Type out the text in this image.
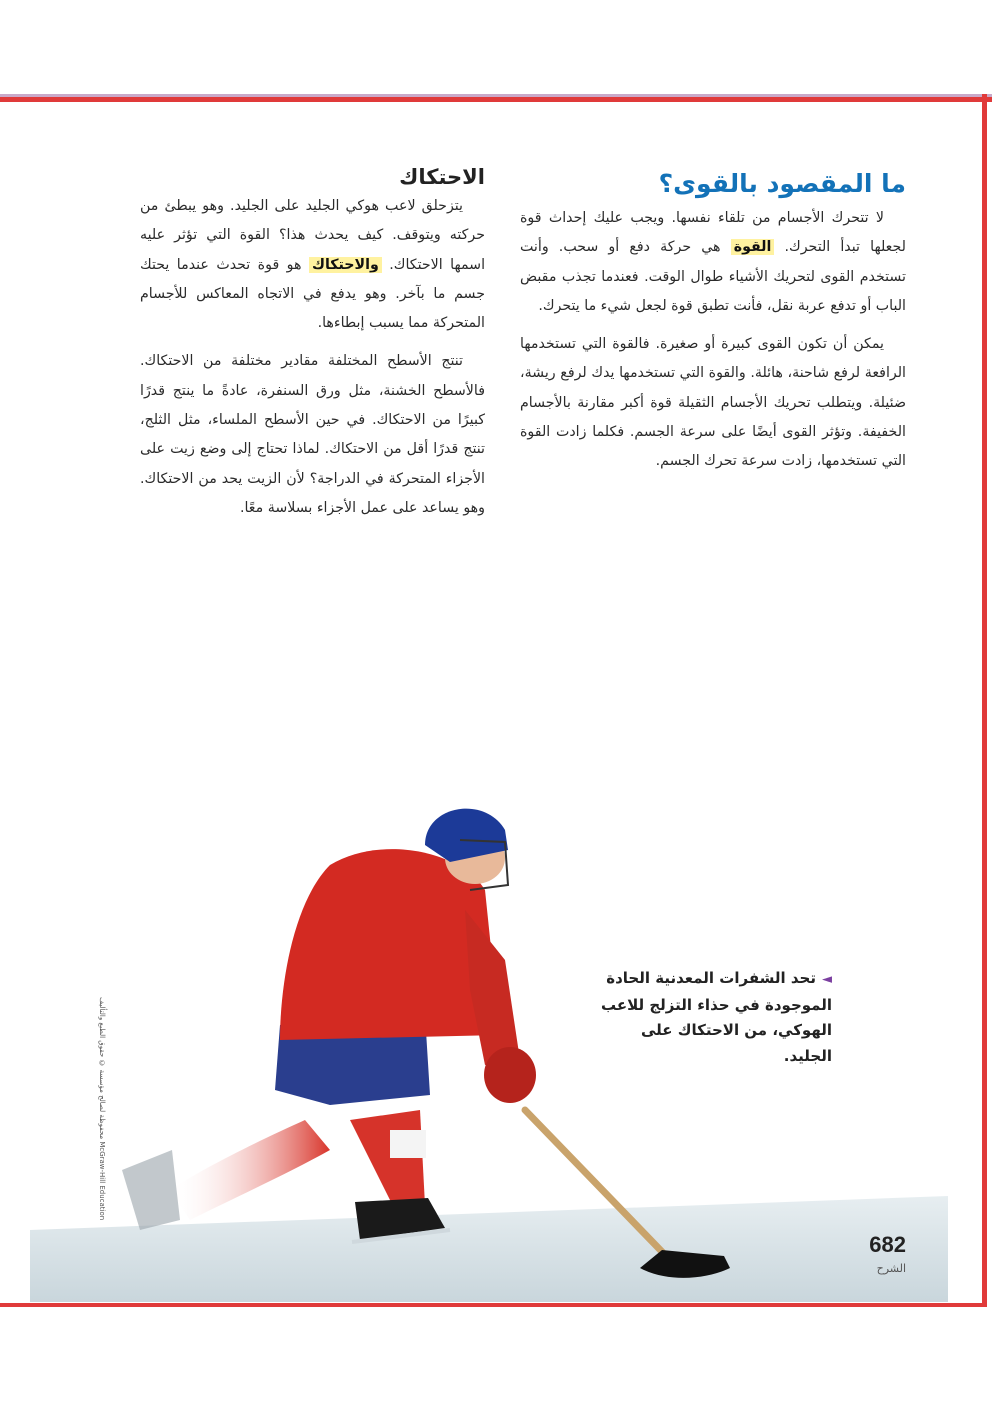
ما المقصود بالقوى؟

لا تتحرك الأجسام من تلقاء نفسها. ويجب عليك إحداث قوة لجعلها تبدأ التحرك. القوة هي حركة دفع أو سحب. وأنت تستخدم القوى لتحريك الأشياء طوال الوقت. فعندما تجذب مقبض الباب أو تدفع عربة نقل، فأنت تطبق قوة لجعل شيء ما يتحرك.

يمكن أن تكون القوى كبيرة أو صغيرة. فالقوة التي تستخدمها الرافعة لرفع شاحنة، هائلة. والقوة التي تستخدمها يدك لرفع ريشة، ضئيلة. ويتطلب تحريك الأجسام الثقيلة قوة أكبر مقارنة بالأجسام الخفيفة. وتؤثر القوى أيضًا على سرعة الجسم. فكلما زادت القوة التي تستخدمها، زادت سرعة تحرك الجسم.

الاحتكاك

يتزحلق لاعب هوكي الجليد على الجليد. وهو يبطئ من حركته ويتوقف. كيف يحدث هذا؟ القوة التي تؤثر عليه اسمها الاحتكاك. والاحتكاك هو قوة تحدث عندما يحتك جسم ما بآخر. وهو يدفع في الاتجاه المعاكس للأجسام المتحركة مما يسبب إبطاءها.

تنتج الأسطح المختلفة مقادير مختلفة من الاحتكاك. فالأسطح الخشنة، مثل ورق السنفرة، عادةً ما ينتج قدرًا كبيرًا من الاحتكاك. في حين الأسطح الملساء، مثل الثلج، تنتج قدرًا أقل من الاحتكاك. لماذا تحتاج إلى وضع زيت على الأجزاء المتحركة في الدراجة؟ لأن الزيت يحد من الاحتكاك. وهو يساعد على عمل الأجزاء بسلاسة معًا.

◄تحد الشفرات المعدنية الحادة الموجودة في حذاء التزلج للاعب الهوكي، من الاحتكاك على الجليد.
McGraw-Hill Education محفوظة لصالح مؤسسة © حقوق الطبع والتأليف
682
الشرح
